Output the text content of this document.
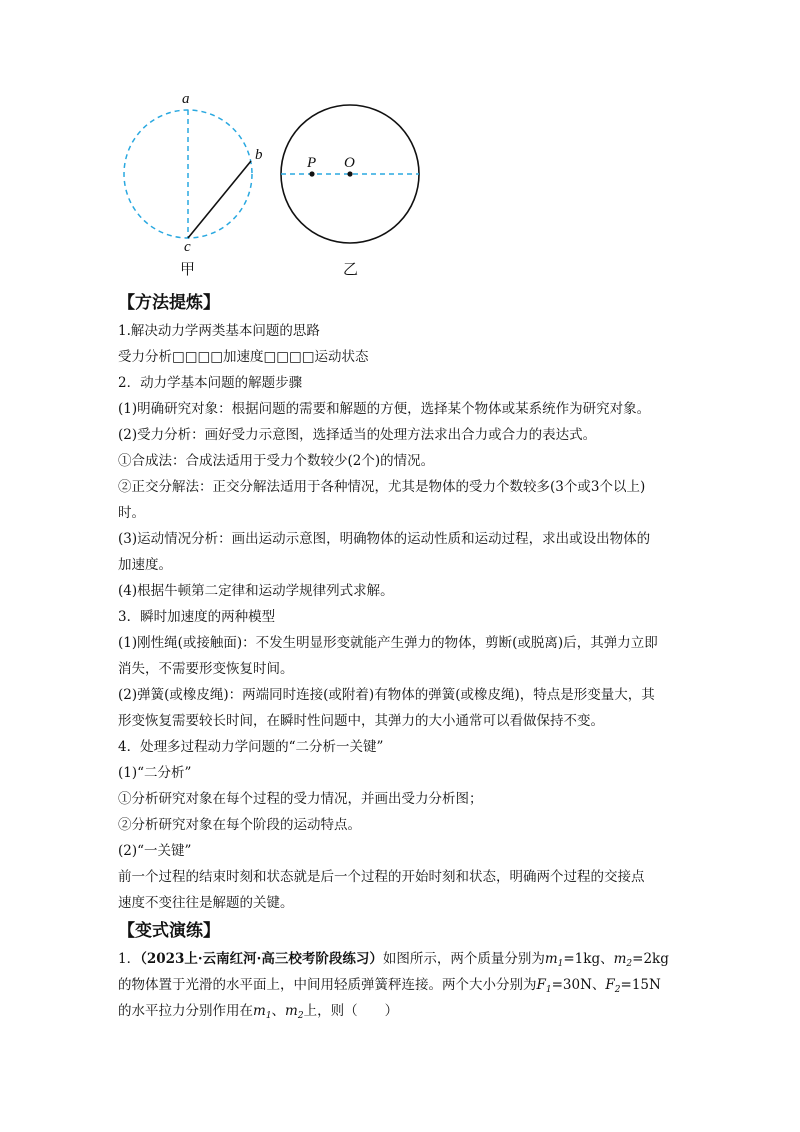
a
b
c
甲
P O
乙
【方法提炼】
1.解决动力学两类基本问题的思路
受力分析□□□□加速度□□□□运动状态
2．动力学基本问题的解题步骤
(1)明确研究对象：根据问题的需要和解题的方便，选择某个物体或某系统作为研究对象。
(2)受力分析：画好受力示意图，选择适当的处理方法求出合力或合力的表达式。
①合成法：合成法适用于受力个数较少(2个)的情况。
②正交分解法：正交分解法适用于各种情况，尤其是物体的受力个数较多(3个或3个以上)
时。
(3)运动情况分析：画出运动示意图，明确物体的运动性质和运动过程，求出或设出物体的
加速度。
(4)根据牛顿第二定律和运动学规律列式求解。
3．瞬时加速度的两种模型
(1)刚性绳(或接触面)：不发生明显形变就能产生弹力的物体，剪断(或脱离)后，其弹力立即
消失，不需要形变恢复时间。
(2)弹簧(或橡皮绳)：两端同时连接(或附着)有物体的弹簧(或橡皮绳)，特点是形变量大，其
形变恢复需要较长时间，在瞬时性问题中，其弹力的大小通常可以看做保持不变。
4．处理多过程动力学问题的“二分析一关键”
(1)“二分析”
①分析研究对象在每个过程的受力情况，并画出受力分析图；
②分析研究对象在每个阶段的运动特点。
(2)“一关键”
前一个过程的结束时刻和状态就是后一个过程的开始时刻和状态，明确两个过程的交接点
速度不变往往是解题的关键。
【变式演练】
1．（2023上·云南红河·高三校考阶段练习）如图所示，两个质量分别为$m_1=1kg$、$m_2=2kg$
的物体置于光滑的水平面上，中间用轻质弹簧秤连接。两个大小分别为$F_1=30N$、$F_2=15N$
的水平拉力分别作用在$m_1$、$m_2$上，则（　　）
